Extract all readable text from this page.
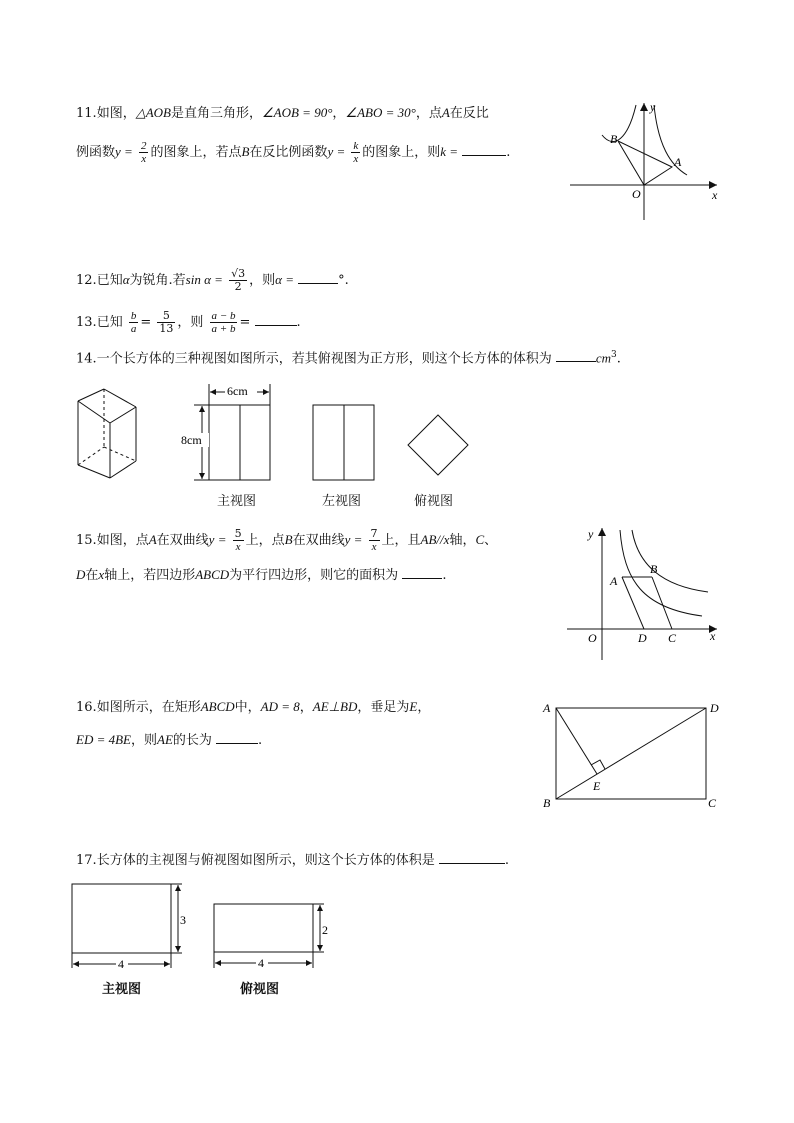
11.如图，△AOB是直角三角形，∠AOB = 90°，∠ABO = 30°，点A在反比
例函数$y = \frac{2}{x}$ 的图象上，若点B在反比例函数$y = \frac{k}{x}$ 的图象上，则k =	.
B
A
O	x
y
12.已知α为锐角.若$\sin \alpha = \frac{√3}{2}$ ，则α =	°.
13.已知 $\frac{b}{a} = \frac{5}{13}$ ，则 $\frac{a - b}{a + b}$ =	.
14.一个长方体的三种视图如图所示，若其俯视图为正方形，则这个长方体的体积为	$cm^3$.
6cm
8cm
主视图	左视图	俯视图
15.如图，点A在双曲线$y = \frac{5}{x}$ 上，点B在双曲线$y = \frac{7}{x}$ 上，且AB//x轴，C、
D在x轴上，若四边形ABCD为平行四边形，则它的面积为	.
y
A
B
O	D C	x
16.如图所示，在矩形ABCD中，AD = 8，AE⊥BD，垂足为E，
ED = 4BE，则AE的长为	.
A	D
B	C
E
17.长方体的主视图与俯视图如图所示，则这个长方体的体积是	.
3
4
主视图
2
4
俯视图
